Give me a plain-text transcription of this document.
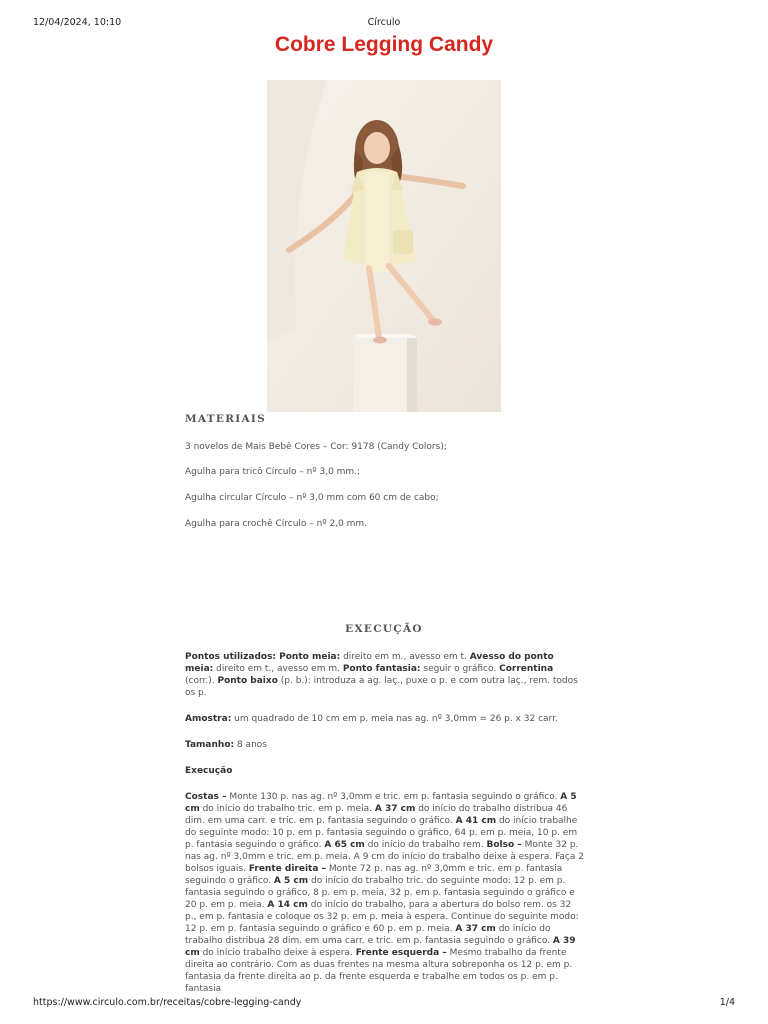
12/04/2024, 10:10	Círculo
Cobre Legging Candy
MATERIAIS
3 novelos de Mais Bebê Cores – Cor: 9178 (Candy Colors);
Agulha para tricô Círculo – nº 3,0 mm.;
Agulha circular Círculo – nº 3,0 mm com 60 cm de cabo;
Agulha para crochê Círculo – nº 2,0 mm.
EXECUÇÃO

Pontos utilizados: Ponto meia: direito em m., avesso em t. Avesso do ponto meia: direito em t., avesso em m. Ponto fantasia: seguir o gráfico. Correntina (corr.). Ponto baixo (p. b.): introduza a ag. laç., puxe o p. e com outra laç., rem. todos os p.

Amostra: um quadrado de 10 cm em p. meia nas ag. nº 3,0mm = 26 p. x 32 carr.

Tamanho: 8 anos

Execução

Costas – Monte 130 p. nas ag. nº 3,0mm e tric. em p. fantasia seguindo o gráfico. A 5 cm do início do trabalho tric. em p. meia. A 37 cm do início do trabalho distribua 46 dim. em uma carr. e tric. em p. fantasia seguindo o gráfico. A 41 cm do início trabalhe do seguinte modo: 10 p. em p. fantasia seguindo o gráfico, 64 p. em p. meia, 10 p. em p. fantasia seguindo o gráfico. A 65 cm do início do trabalho rem. Bolso – Monte 32 p. nas ag. nº 3,0mm e tric. em p. meia. A 9 cm do início do trabalho deixe à espera. Faça 2 bolsos iguais. Frente direita – Monte 72 p. nas ag. nº 3,0mm e tric. em p. fantasia seguindo o gráfico. A 5 cm do início do trabalho tric. do seguinte modo: 12 p. em p. fantasia seguindo o gráfico, 8 p. em p. meia, 32 p. em p. fantasia seguindo o gráfico e 20 p. em p. meia. A 14 cm do início do trabalho, para a abertura do bolso rem. os 32 p., em p. fantasia e coloque os 32 p. em p. meia à espera. Continue do seguinte modo: 12 p. em p. fantasia seguindo o gráfico e 60 p. em p. meia. A 37 cm do início do trabalho distribua 28 dim. em uma carr. e tric. em p. fantasia seguindo o gráfico. A 39 cm do início trabalho deixe à espera. Frente esquerda – Mesmo trabalho da frente direita ao contrário. Com as duas frentes na mesma altura sobreponha os 12 p. em p. fantasia da frente direita ao p. da frente esquerda e trabalhe em todos os p. em p. fantasia

https://www.circulo.com.br/receitas/cobre-legging-candy	1/4
